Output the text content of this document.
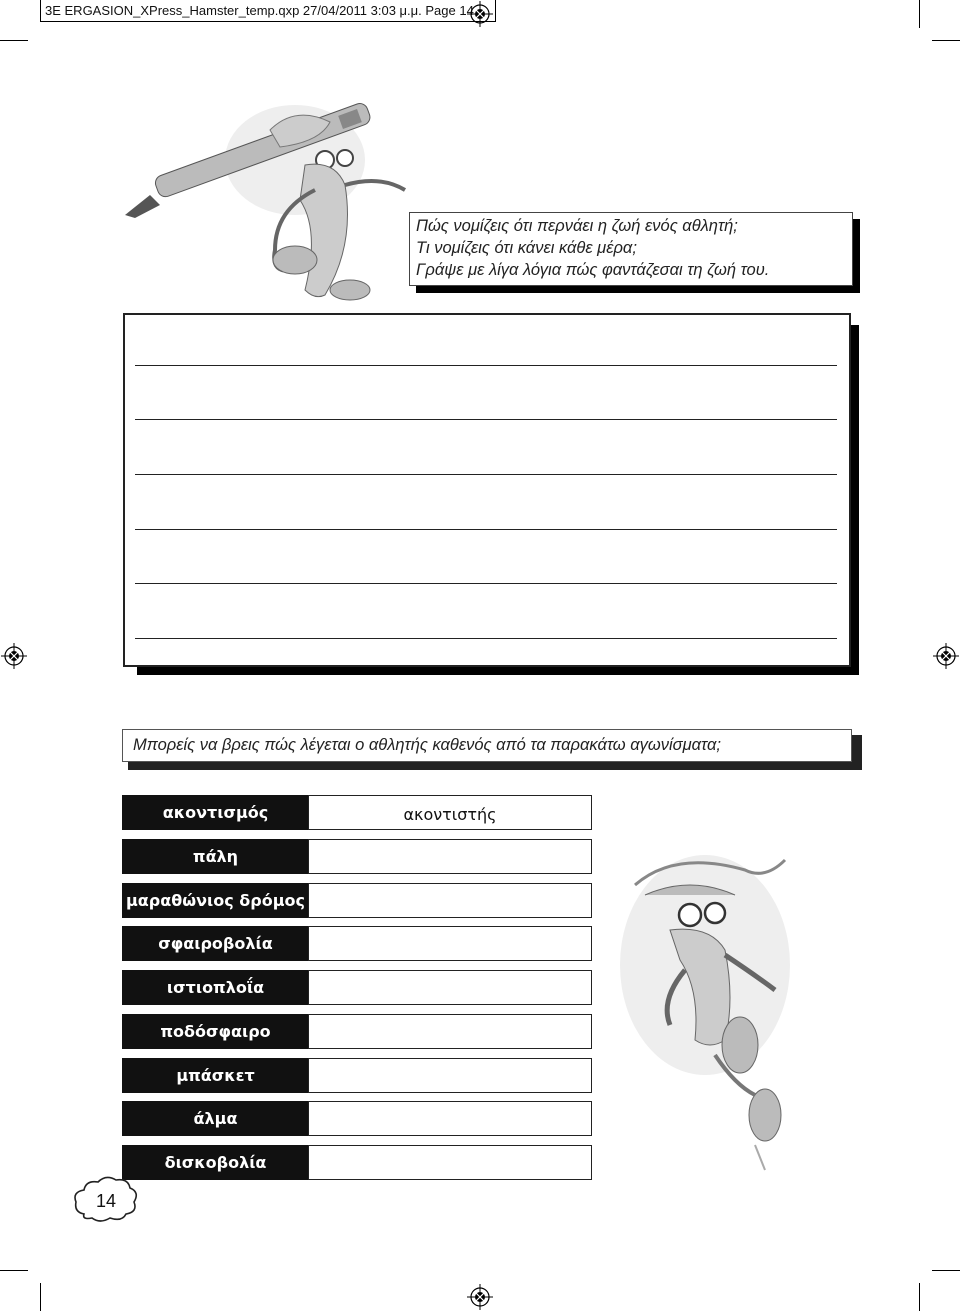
3E ERGASION_XPress_Hamster_temp.qxp 27/04/2011 3:03 μ.μ. Page 14
Πώς νομίζεις ότι περνάει η ζωή ενός αθλητή;
Τι νομίζεις ότι κάνει κάθε μέρα;
Γράψε με λίγα λόγια πώς φαντάζεσαι τη ζωή του.
Μπορείς να βρεις πώς λέγεται ο αθλητής καθενός από τα παρακάτω αγωνίσματα;
ακοντισμός	ακοντιστής
πάλη
μαραθώνιος δρόμος
σφαιροβολία
ιστιοπλοΐα
ποδόσφαιρο
μπάσκετ
άλμα
δισκοβολία
14
